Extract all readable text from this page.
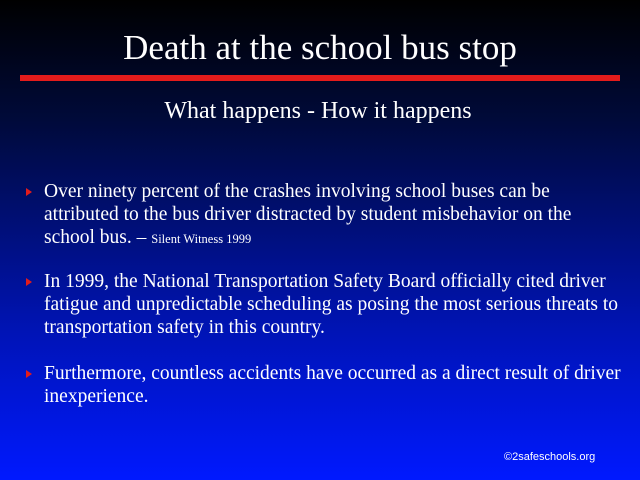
Death at the school bus stop
What happens - How it happens
Over ninety percent of the crashes involving school buses can be attributed to the bus driver distracted by student misbehavior on the school bus. – Silent Witness 1999
In 1999, the National Transportation Safety Board officially cited driver fatigue and unpredictable scheduling as posing the most serious threats to transportation safety in this country.
Furthermore, countless accidents have occurred as a direct result of driver inexperience.
©2safeschools.org
